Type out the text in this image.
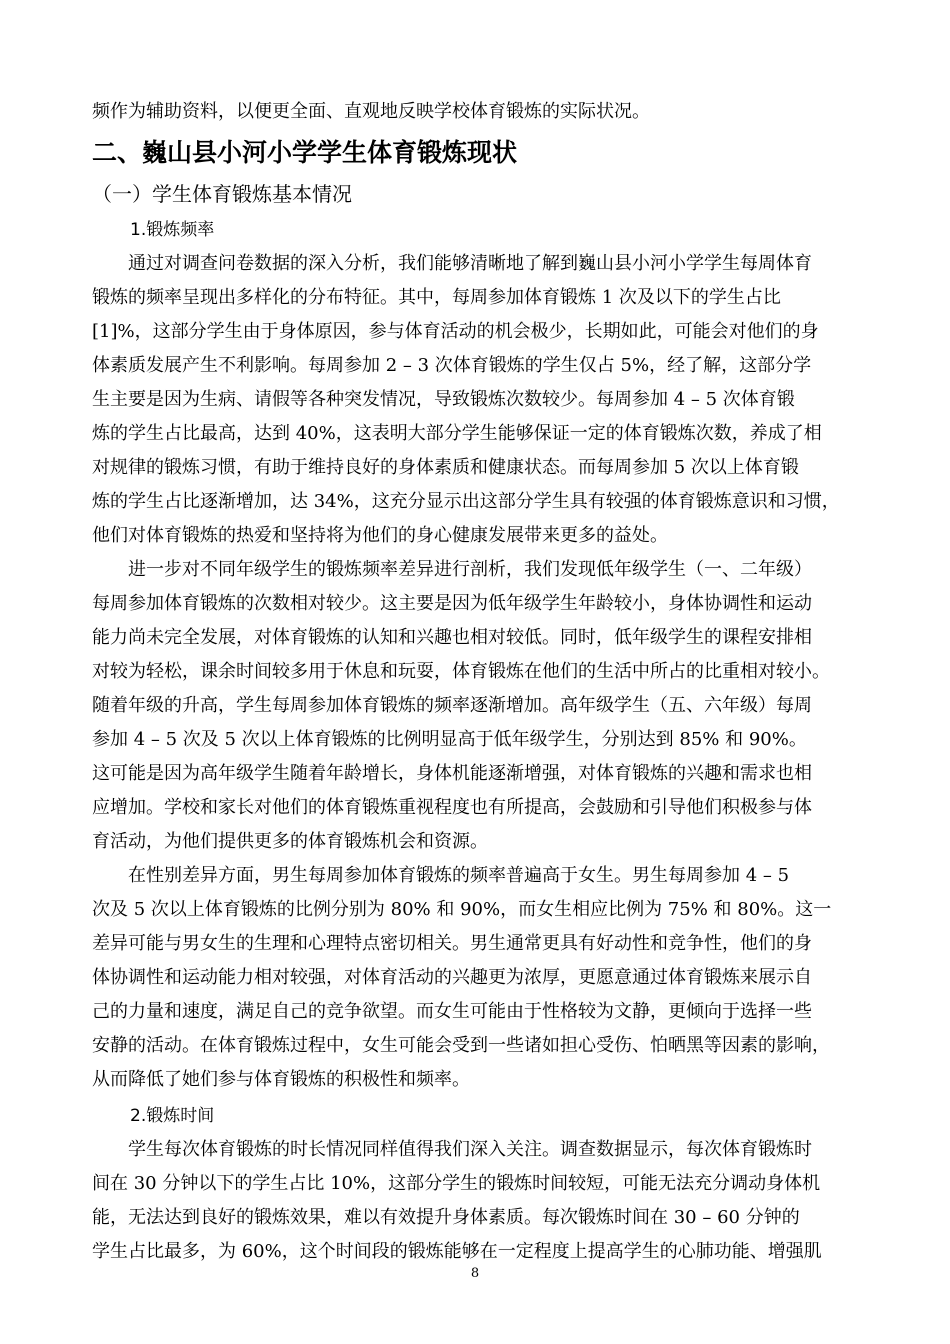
频作为辅助资料，以便更全面、直观地反映学校体育锻炼的实际状况。
二、巍山县小河小学学生体育锻炼现状
（一）学生体育锻炼基本情况
1.锻炼频率
通过对调查问卷数据的深入分析，我们能够清晰地了解到巍山县小河小学学生每周体育
锻炼的频率呈现出多样化的分布特征。其中，每周参加体育锻炼 1 次及以下的学生占比
[1]%，这部分学生由于身体原因，参与体育活动的机会极少，长期如此，可能会对他们的身
体素质发展产生不利影响。每周参加 2 – 3 次体育锻炼的学生仅占 5%，经了解，这部分学
生主要是因为生病、请假等各种突发情况，导致锻炼次数较少。每周参加 4 – 5 次体育锻
炼的学生占比最高，达到 40%，这表明大部分学生能够保证一定的体育锻炼次数，养成了相
对规律的锻炼习惯，有助于维持良好的身体素质和健康状态。而每周参加 5 次以上体育锻
炼的学生占比逐渐增加，达 34%，这充分显示出这部分学生具有较强的体育锻炼意识和习惯，
他们对体育锻炼的热爱和坚持将为他们的身心健康发展带来更多的益处。
进一步对不同年级学生的锻炼频率差异进行剖析，我们发现低年级学生（一、二年级）
每周参加体育锻炼的次数相对较少。这主要是因为低年级学生年龄较小，身体协调性和运动
能力尚未完全发展，对体育锻炼的认知和兴趣也相对较低。同时，低年级学生的课程安排相
对较为轻松，课余时间较多用于休息和玩耍，体育锻炼在他们的生活中所占的比重相对较小。
随着年级的升高，学生每周参加体育锻炼的频率逐渐增加。高年级学生（五、六年级）每周
参加 4 – 5 次及 5 次以上体育锻炼的比例明显高于低年级学生，分别达到 85% 和 90%。
这可能是因为高年级学生随着年龄增长，身体机能逐渐增强，对体育锻炼的兴趣和需求也相
应增加。学校和家长对他们的体育锻炼重视程度也有所提高，会鼓励和引导他们积极参与体
育活动，为他们提供更多的体育锻炼机会和资源。
在性别差异方面，男生每周参加体育锻炼的频率普遍高于女生。男生每周参加 4 – 5
次及 5 次以上体育锻炼的比例分别为 80% 和 90%，而女生相应比例为 75% 和 80%。这一
差异可能与男女生的生理和心理特点密切相关。男生通常更具有好动性和竞争性，他们的身
体协调性和运动能力相对较强，对体育活动的兴趣更为浓厚，更愿意通过体育锻炼来展示自
己的力量和速度，满足自己的竞争欲望。而女生可能由于性格较为文静，更倾向于选择一些
安静的活动。在体育锻炼过程中，女生可能会受到一些诸如担心受伤、怕晒黑等因素的影响，
从而降低了她们参与体育锻炼的积极性和频率。
2.锻炼时间
学生每次体育锻炼的时长情况同样值得我们深入关注。调查数据显示，每次体育锻炼时
间在 30 分钟以下的学生占比 10%，这部分学生的锻炼时间较短，可能无法充分调动身体机
能，无法达到良好的锻炼效果，难以有效提升身体素质。每次锻炼时间在 30 – 60 分钟的
学生占比最多，为 60%，这个时间段的锻炼能够在一定程度上提高学生的心肺功能、增强肌
8
